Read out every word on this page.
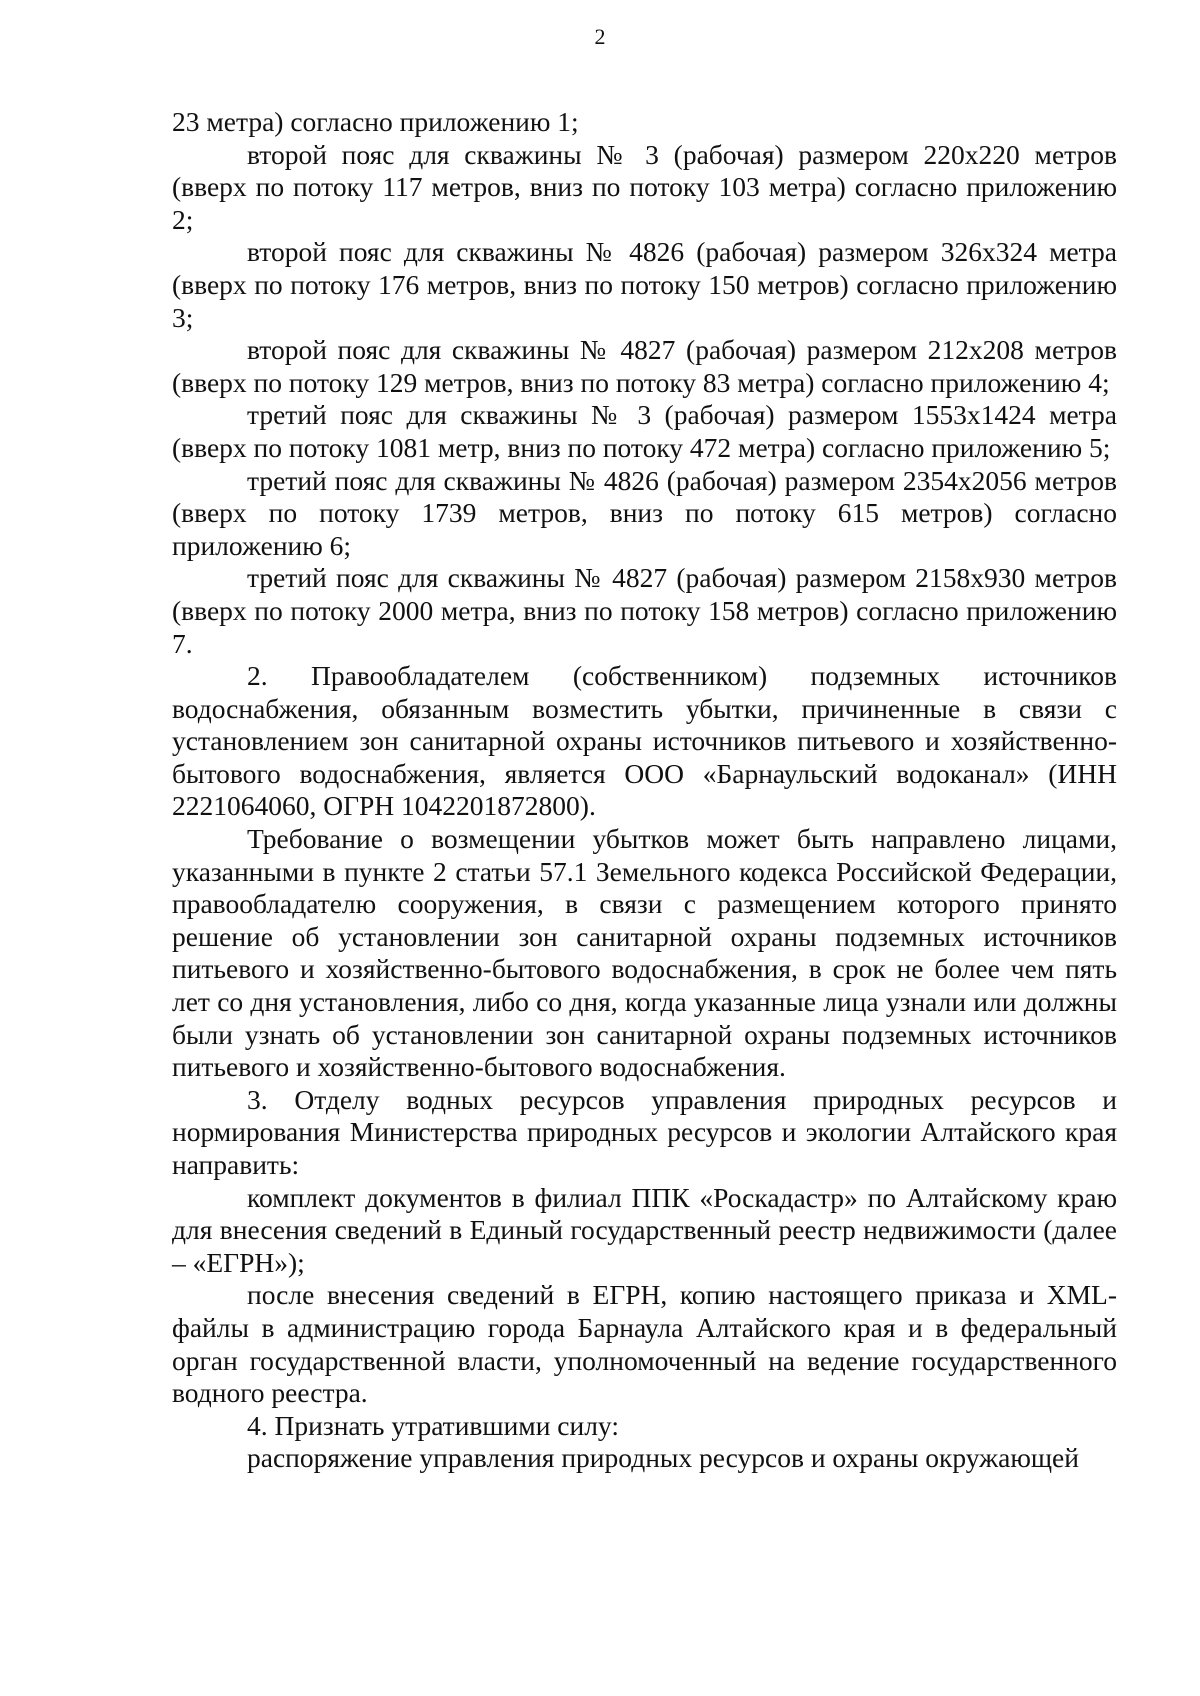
2

23 метра) согласно приложению 1;

второй пояс для скважины № 3 (рабочая) размером 220х220 метров (вверх по потоку 117 метров, вниз по потоку 103 метра) согласно приложению 2;

второй пояс для скважины № 4826 (рабочая) размером 326х324 метра (вверх по потоку 176 метров, вниз по потоку 150 метров) согласно приложению 3;

второй пояс для скважины № 4827 (рабочая) размером 212х208 метров (вверх по потоку 129 метров, вниз по потоку 83 метра) согласно приложению 4;

третий пояс для скважины № 3 (рабочая) размером 1553х1424 метра (вверх по потоку 1081 метр, вниз по потоку 472 метра) согласно приложению 5;

третий пояс для скважины № 4826 (рабочая) размером 2354х2056 метров (вверх по потоку 1739 метров, вниз по потоку 615 метров) согласно приложению 6;

третий пояс для скважины № 4827 (рабочая) размером 2158х930 метров (вверх по потоку 2000 метра, вниз по потоку 158 метров) согласно приложению 7.

2. Правообладателем (собственником) подземных источников водоснабжения, обязанным возместить убытки, причиненные в связи с установлением зон санитарной охраны источников питьевого и хозяйственно-бытового водоснабжения, является ООО «Барнаульский водоканал» (ИНН 2221064060, ОГРН 1042201872800).

Требование о возмещении убытков может быть направлено лицами, указанными в пункте 2 статьи 57.1 Земельного кодекса Российской Федерации, правообладателю сооружения, в связи с размещением которого принято решение об установлении зон санитарной охраны подземных источников питьевого и хозяйственно-бытового водоснабжения, в срок не более чем пять лет со дня установления, либо со дня, когда указанные лица узнали или должны были узнать об установлении зон санитарной охраны подземных источников питьевого и хозяйственно-бытового водоснабжения.

3. Отделу водных ресурсов управления природных ресурсов и нормирования Министерства природных ресурсов и экологии Алтайского края направить:

комплект документов в филиал ППК «Роскадастр» по Алтайскому краю для внесения сведений в Единый государственный реестр недвижимости (далее – «ЕГРН»);

после внесения сведений в ЕГРН, копию настоящего приказа и XML-файлы в администрацию города Барнаула Алтайского края и в федеральный орган государственной власти, уполномоченный на ведение государственного водного реестра.

4. Признать утратившими силу:

распоряжение управления природных ресурсов и охраны окружающей
